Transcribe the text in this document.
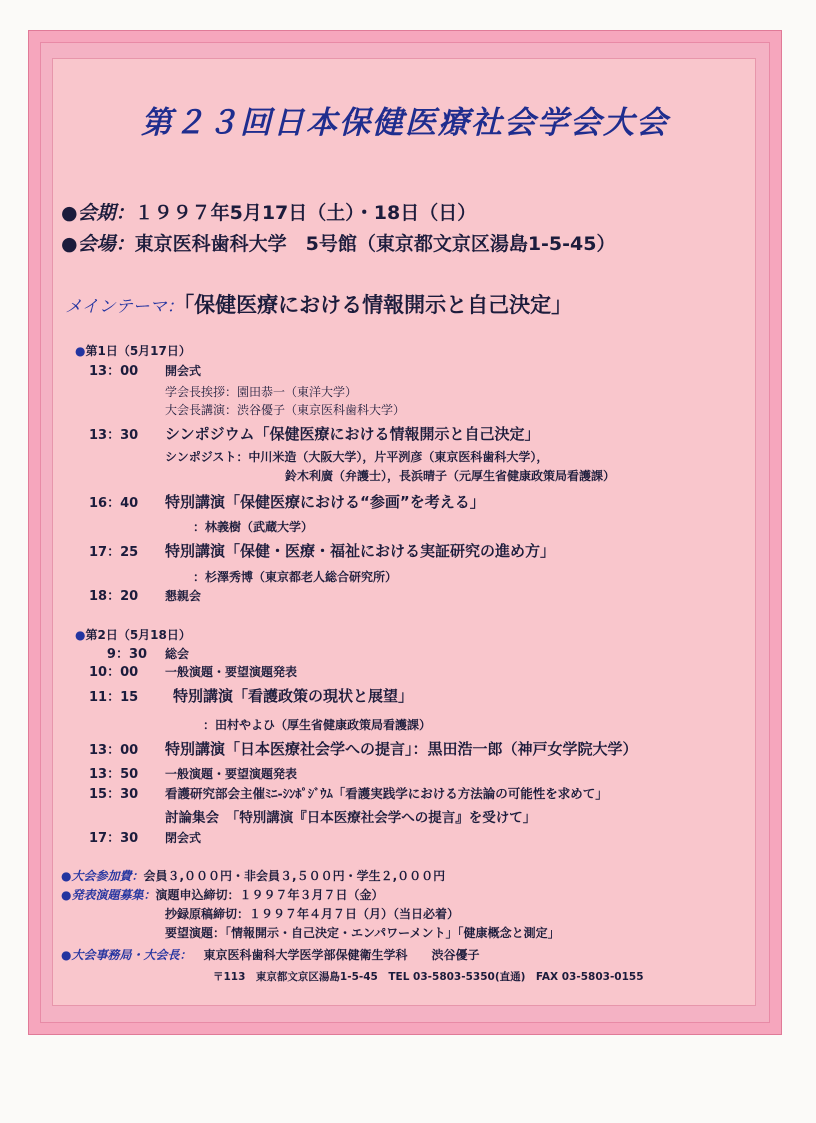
第２３回日本保健医療社会学会大会
●会期：１９９７年5月17日（土）・18日（日）
●会場：東京医科歯科大学　5号館（東京都文京区湯島1-5-45）
メインテーマ：「保健医療における情報開示と自己決定」
●第1日（5月17日）
13：00 開会式
学会長挨拶：園田恭一（東洋大学）
大会長講演：渋谷優子（東京医科歯科大学）
13：30 シンポジウム「保健医療における情報開示と自己決定」
シンポジスト：中川米造（大阪大学），片平洌彦（東京医科歯科大学），
鈴木利廣（弁護士），長浜晴子（元厚生省健康政策局看護課）
16：40 特別講演「保健医療における“参画”を考える」
：林義樹（武蔵大学）
17：25 特別講演「保健・医療・福祉における実証研究の進め方」
：杉澤秀博（東京都老人総合研究所）
18：20 懇親会
●第2日（5月18日）
9：30 総会
10：00 一般演題・要望演題発表
11：15 特別講演「看護政策の現状と展望」
：田村やよひ（厚生省健康政策局看護課）
13：00 特別講演「日本医療社会学への提言」：黒田浩一郎（神戸女学院大学）
13：50 一般演題・要望演題発表
15：30 看護研究部会主催ﾐﾆ-ｼﾝﾎﾟｼﾞｳﾑ「看護実践学における方法論の可能性を求めて」
討論集会　「特別講演『日本医療社会学への提言』を受けて」
17：30 閉会式
●大会参加費：会員３,０００円・非会員３,５００円・学生２,０００円
●発表演題募集：演題申込締切：１９９７年３月７日（金）
抄録原稿締切：１９９７年４月７日（月）（当日必着）
要望演題：「情報開示・自己決定・エンパワーメント」「健康概念と測定」
●大会事務局・大会長： 東京医科歯科大学医学部保健衛生学科　　渋谷優子
〒113　東京都文京区湯島1-5-45　TEL 03-5803-5350(直通)　FAX 03-5803-0155
